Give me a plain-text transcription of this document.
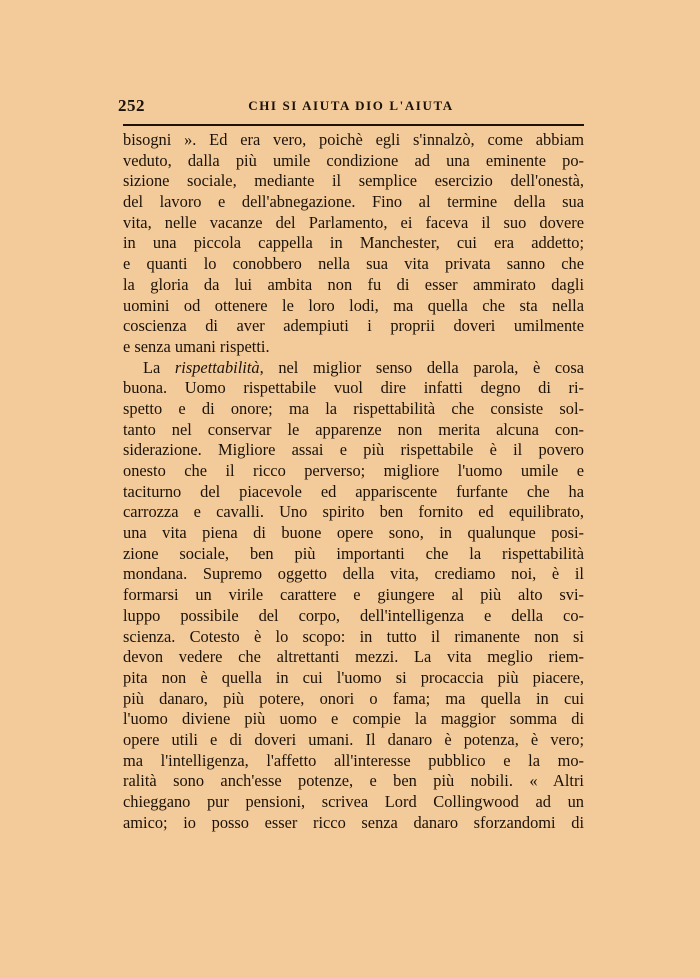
252	CHI SI AIUTA DIO L'AIUTA
bisogni ». Ed era vero, poichè egli s'innalzò, come abbiam
veduto, dalla più umile condizione ad una eminente po-
sizione sociale, mediante il semplice esercizio dell'onestà,
del lavoro e dell'abnegazione. Fino al termine della sua
vita, nelle vacanze del Parlamento, ei faceva il suo dovere
in una piccola cappella in Manchester, cui era addetto;
e quanti lo conobbero nella sua vita privata sanno che
la gloria da lui ambita non fu di esser ammirato dagli
uomini od ottenere le loro lodi, ma quella che sta nella
coscienza di aver adempiuti i proprii doveri umilmente
e senza umani rispetti.
La rispettabilità, nel miglior senso della parola, è cosa
buona. Uomo rispettabile vuol dire infatti degno di ri-
spetto e di onore; ma la rispettabilità che consiste sol-
tanto nel conservar le apparenze non merita alcuna con-
siderazione. Migliore assai e più rispettabile è il povero
onesto che il ricco perverso; migliore l'uomo umile e
taciturno del piacevole ed appariscente furfante che ha
carrozza e cavalli. Uno spirito ben fornito ed equilibrato,
una vita piena di buone opere sono, in qualunque posi-
zione sociale, ben più importanti che la rispettabilità
mondana. Supremo oggetto della vita, crediamo noi, è il
formarsi un virile carattere e giungere al più alto svi-
luppo possibile del corpo, dell'intelligenza e della co-
scienza. Cotesto è lo scopo: in tutto il rimanente non si
devon vedere che altrettanti mezzi. La vita meglio riem-
pita non è quella in cui l'uomo si procaccia più piacere,
più danaro, più potere, onori o fama; ma quella in cui
l'uomo diviene più uomo e compie la maggior somma di
opere utili e di doveri umani. Il danaro è potenza, è vero;
ma l'intelligenza, l'affetto all'interesse pubblico e la mo-
ralità sono anch'esse potenze, e ben più nobili. « Altri
chieggano pur pensioni, scrivea Lord Collingwood ad un
amico; io posso esser ricco senza danaro sforzandomi di
